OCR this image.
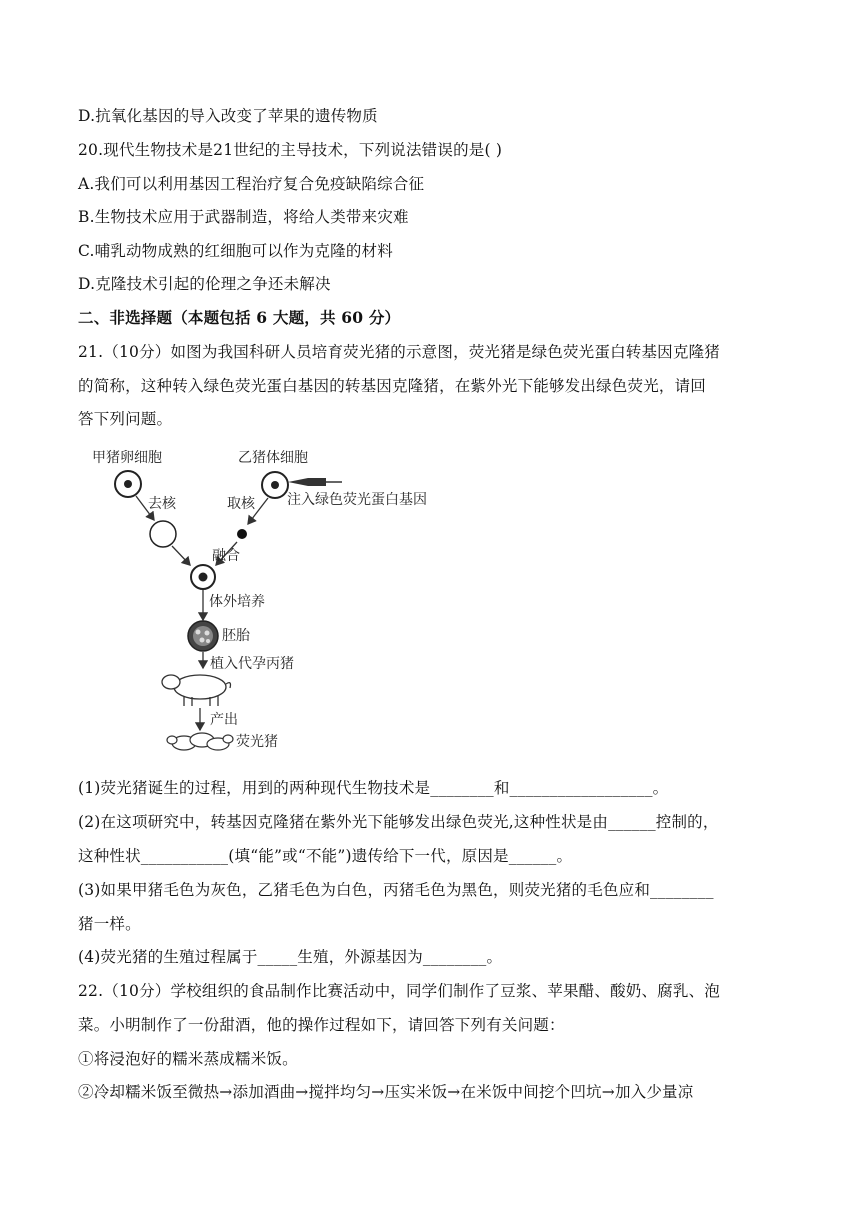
D.抗氧化基因的导入改变了苹果的遗传物质
20.现代生物技术是21世纪的主导技术，下列说法错误的是( )
A.我们可以利用基因工程治疗复合免疫缺陷综合征
B.生物技术应用于武器制造，将给人类带来灾难
C.哺乳动物成熟的红细胞可以作为克隆的材料
D.克隆技术引起的伦理之争还未解决
二、非选择题（本题包括 6 大题，共 60 分）
21.（10分）如图为我国科研人员培育荧光猪的示意图，荧光猪是绿色荧光蛋白转基因克隆猪
的简称，这种转入绿色荧光蛋白基因的转基因克隆猪，在紫外光下能够发出绿色荧光，请回
答下列问题。
甲猪卵细胞
去核
乙猪体细胞
注入绿色荧光蛋白基因
取核
融合
体外培养
胚胎
植入代孕丙猪
产出
荧光猪
(1)荧光猪诞生的过程，用到的两种现代生物技术是________和__________________。
(2)在这项研究中，转基因克隆猪在紫外光下能够发出绿色荧光,这种性状是由______控制的，
这种性状___________(填“能”或“不能”)遗传给下一代，原因是______。
(3)如果甲猪毛色为灰色，乙猪毛色为白色，丙猪毛色为黑色，则荧光猪的毛色应和________
猪一样。
(4)荧光猪的生殖过程属于_____生殖，外源基因为________。
22.（10分）学校组织的食品制作比赛活动中，同学们制作了豆浆、苹果醋、酸奶、腐乳、泡
菜。小明制作了一份甜酒，他的操作过程如下，请回答下列有关问题：
①将浸泡好的糯米蒸成糯米饭。
②冷却糯米饭至微热→添加酒曲→搅拌均匀→压实米饭→在米饭中间挖个凹坑→加入少量凉
